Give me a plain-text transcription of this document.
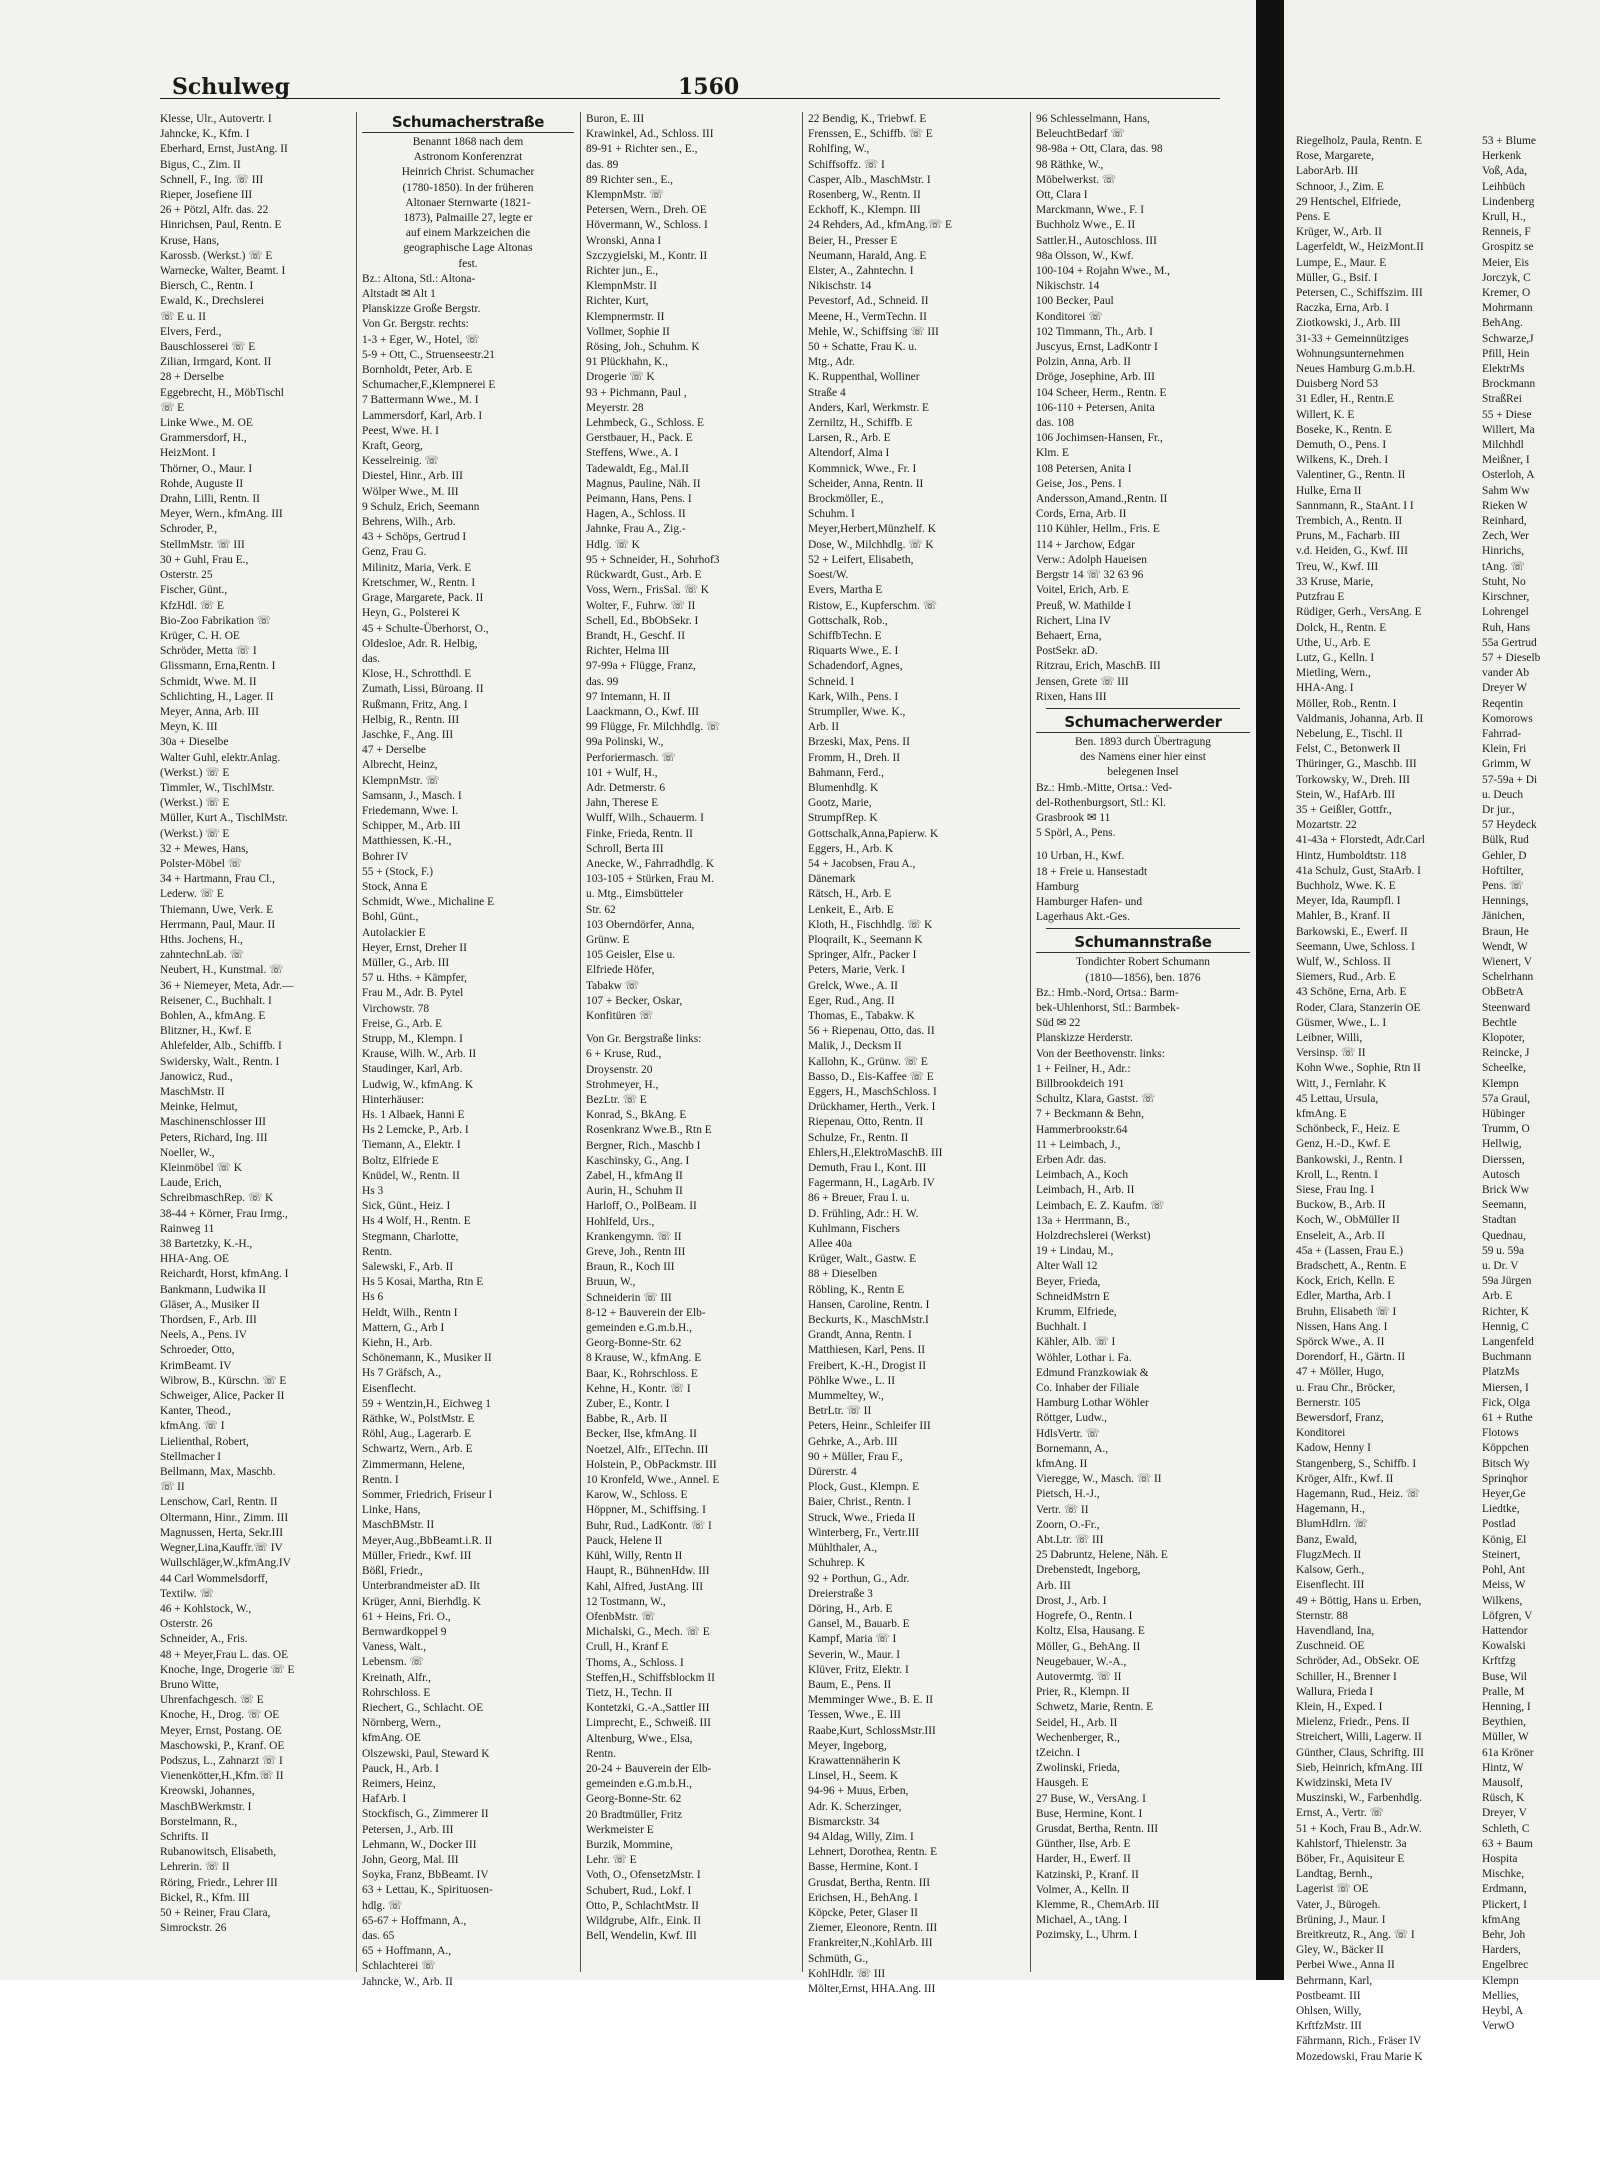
Schulweg	1560
Klesse, Ulr., Autovertr. I
Jahncke, K., Kfm. I
Eberhard, Ernst, JustAng. II
Bigus, C., Zim. II
Schnell, F., Ing. ☏ III
Rieper, Josefiene III
26 + Pötzl, Alfr. das. 22
Hinrichsen, Paul, Rentn. E
Kruse, Hans,
Karossb. (Werkst.) ☏ E
Warnecke, Walter, Beamt. I
Biersch, C., Rentn. I
Ewald, K., Drechslerei
☏ E u. II
Elvers, Ferd.,
Bauschlosserei ☏ E
Zilian, Irmgard, Kont. II
28 + Derselbe
Eggebrecht, H., MöbTischl
☏ E
Linke Wwe., M. OE
Grammersdorf, H.,
HeizMont. I
Thörner, O., Maur. I
Rohde, Auguste II
Drahn, Lilli, Rentn. II
Meyer, Wern., kfmAng. III
Schroder, P.,
StellmMstr. ☏ III
30 + Guhl, Frau E.,
Osterstr. 25
Fischer, Günt.,
KfzHdl. ☏ E
Bio-Zoo Fabrikation ☏
Krüger, C. H. OE
Schröder, Metta ☏ I
Glissmann, Erna,Rentn. I
Schmidt, Wwe. M. II
Schlichting, H., Lager. II
Meyer, Anna, Arb. III
Meyn, K. III
30a + Dieselbe
Walter Guhl, elektr.Anlag.
(Werkst.) ☏ E
Timmler, W., TischlMstr.
(Werkst.) ☏ E
Müller, Kurt A., TischlMstr.
(Werkst.) ☏ E
32 + Mewes, Hans,
Polster-Möbel ☏
34 + Hartmann, Frau Cl.,
Lederw. ☏ E
Thiemann, Uwe, Verk. E
Herrmann, Paul, Maur. II
Hths. Jochens, H.,
zahntechnLab. ☏
Neubert, H., Kunstmal. ☏
36 + Niemeyer, Meta, Adr.—
Reisener, C., Buchhalt. I
Bohlen, A., kfmAng. E
Blitzner, H., Kwf. E
Ahlefelder, Alb., Schiffb. I
Swidersky, Walt., Rentn. I
Janowicz, Rud.,
MaschMstr. II
Meinke, Helmut,
Maschinenschlosser III
Peters, Richard, Ing. III
Noeller, W.,
Kleinmöbel ☏ K
Laude, Erich,
SchreibmaschRep. ☏ K
38-44 + Körner, Frau Irmg.,
Rainweg 11
38 Bartetzky, K.-H.,
HHA-Ang. OE
Reichardt, Horst, kfmAng. I
Bankmann, Ludwika II
Gläser, A., Musiker II
Thordsen, F., Arb. III
Neels, A., Pens. IV
Schroeder, Otto,
KrimBeamt. IV
Wibrow, B., Kürschn. ☏ E
Schweiger, Alice, Packer II
Kanter, Theod.,
kfmAng. ☏ I
Lielienthal, Robert,
Stellmacher I
Bellmann, Max, Maschb.
☏ II
Lenschow, Carl, Rentn. II
Oltermann, Hinr., Zimm. III
Magnussen, Herta, Sekr.III
Wegner,Lina,Kauffr.☏ IV
Wullschläger,W.,kfmAng.IV
44 Carl Wommelsdorff,
Textilw. ☏
46 + Kohlstock, W.,
Osterstr. 26
Schneider, A., Fris.
48 + Meyer,Frau L. das. OE
Knoche, Inge, Drogerie ☏ E
Bruno Witte,
Uhrenfachgesch. ☏ E
Knoche, H., Drog. ☏ OE
Meyer, Ernst, Postang. OE
Maschowski, P., Kranf. OE
Podszus, L., Zahnarzt ☏ I
Vienenkötter,H.,Kfm.☏ II
Kreowski, Johannes,
MaschBWerkmstr. I
Borstelmann, R.,
Schrifts. II
Rubanowitsch, Elisabeth,
Lehrerin. ☏ II
Röring, Friedr., Lehrer III
Bickel, R., Kfm. III
50 + Reiner, Frau Clara,
Simrockstr. 26
Schumacherstraße
Benannt 1868 nach dem
Astronom Konferenzrat
Heinrich Christ. Schumacher
(1780-1850). In der früheren
Altonaer Sternwarte (1821-
1873), Palmaille 27, legte er
auf einem Markzeichen die
geographische Lage Altonas
fest.
Bz.: Altona, Stl.: Altona-
Altstadt ✉ Alt 1
Planskizze Große Bergstr.
Von Gr. Bergstr. rechts:
1-3 + Eger, W., Hotel, ☏
5-9 + Ott, C., Struenseestr.21
Bornholdt, Peter, Arb. E
Schumacher,F.,Klempnerei E
7 Battermann Wwe., M. I
Lammersdorf, Karl, Arb. I
Peest, Wwe. H. I
Kraft, Georg,
Kesselreinig. ☏
Diestel, Hinr., Arb. III
Wölper Wwe., M. III
9 Schulz, Erich, Seemann
Behrens, Wilh., Arb.
43 + Schöps, Gertrud I
Genz, Frau G.
Milinitz, Maria, Verk. E
Kretschmer, W., Rentn. I
Grage, Margarete, Pack. II
Heyn, G., Polsterei K
45 + Schulte-Überhorst, O.,
Oldesloe, Adr. R. Helbig,
das.
Klose, H., Schrotthdl. E
Zumath, Lissi, Büroang. II
Rußmann, Fritz, Ang. I
Helbig, R., Rentn. III
Jaschke, F., Ang. III
47 + Derselbe
Albrecht, Heinz,
KlempnMstr. ☏
Samsann, J., Masch. I
Friedemann, Wwe. I.
Schipper, M., Arb. III
Matthiessen, K.-H.,
Bohrer IV
55 + (Stock, F.)
Stock, Anna E
Schmidt, Wwe., Michaline E
Bohl, Günt.,
Autolackier E
Heyer, Ernst, Dreher II
Müller, G., Arb. III
57 u. Hths. + Kämpfer,
Frau M., Adr. B. Pytel
Virchowstr. 78
Freise, G., Arb. E
Strupp, M., Klempn. I
Krause, Wilh. W., Arb. II
Staudinger, Karl, Arb.
Ludwig, W., kfmAng. K
Hinterhäuser:
Hs. 1 Albaek, Hanni E
Hs 2 Lemcke, P., Arb. I
Tiemann, A., Elektr. I
Boltz, Elfriede E
Knüdel, W., Rentn. II
Hs 3
Sick, Günt., Heiz. I
Hs 4 Wolf, H., Rentn. E
Stegmann, Charlotte,
Rentn.
Salewski, F., Arb. II
Hs 5 Kosai, Martha, Rtn E
Hs 6
Heldt, Wilh., Rentn I
Mattern, G., Arb I
Kiehn, H., Arb.
Schönemann, K., Musiker II
Hs 7 Gräfsch, A.,
Eisenflecht.
59 + Wentzin,H., Eichweg 1
Räthke, W., PolstMstr. E
Röhl, Aug., Lagerarb. E
Schwartz, Wern., Arb. E
Zimmermann, Helene,
Rentn. I
Sommer, Friedrich, Friseur I
Linke, Hans,
MaschBMstr. II
Meyer,Aug.,BbBeamt.i.R. II
Müller, Friedr., Kwf. III
Bößl, Friedr.,
Unterbrandmeister aD. IIt
Krüger, Anni, Bierhdlg. K
61 + Heins, Fri. O.,
Bernwardkoppel 9
Vaness, Walt.,
Lebensm. ☏
Kreinath, Alfr.,
Rohrschloss. E
Riechert, G., Schlacht. OE
Nörnberg, Wern.,
kfmAng. OE
Olszewski, Paul, Steward K
Pauck, H., Arb. I
Reimers, Heinz,
HafArb. I
Stockfisch, G., Zimmerer II
Petersen, J., Arb. III
Lehmann, W., Docker III
John, Georg, Mal. III
Soyka, Franz, BbBeamt. IV
63 + Lettau, K., Spirituosen-
hdlg. ☏
65-67 + Hoffmann, A.,
das. 65
65 + Hoffmann, A.,
Schlachterei ☏
Jahncke, W., Arb. II
Buron, E. III
Krawinkel, Ad., Schloss. III
89-91 + Richter sen., E.,
das. 89
89 Richter sen., E.,
KlempnMstr. ☏
Petersen, Wern., Dreh. OE
Hövermann, W., Schloss. I
Wronski, Anna I
Szczygielski, M., Kontr. II
Richter jun., E.,
KlempnMstr. II
Richter, Kurt,
Klempnermstr. II
Vollmer, Sophie II
Rösing, Joh., Schuhm. K
91 Plückhahn, K.,
Drogerie ☏ K
93 + Pichmann, Paul ,
Meyerstr. 28
Lehmbeck, G., Schloss. E
Gerstbauer, H., Pack. E
Steffens, Wwe., A. I
Tadewaldt, Eg., Mal.II
Magnus, Pauline, Näh. II
Peimann, Hans, Pens. I
Hagen, A., Schloss. II
Jahnke, Frau A., Zig.-
Hdlg. ☏ K
95 + Schneider, H., Sohrhof3
Rückwardt, Gust., Arb. E
Voss, Wern., FrisSal. ☏ K
Wolter, F., Fuhrw. ☏ II
Schell, Ed., BbObSekr. I
Brandt, H., Geschf. II
Richter, Helma III
97-99a + Flügge, Franz,
das. 99
97 Intemann, H. II
Laackmann, O., Kwf. III
99 Flügge, Fr. Milchhdlg. ☏
99a Polinski, W.,
Perforiermasch. ☏
101 + Wulf, H.,
Adr. Detmerstr. 6
Jahn, Therese E
Wulff, Wilh., Schauerm. I
Finke, Frieda, Rentn. II
Schroll, Berta III
Anecke, W., Fahrradhdlg. K
103-105 + Stürken, Frau M.
u. Mtg., Eimsbütteler
Str. 62
103 Oberndörfer, Anna,
Grünw. E
105 Geisler, Else u.
Elfriede Höfer,
Tabakw ☏
107 + Becker, Oskar,
Konfitüren ☏
Von Gr. Bergstraße links:
6 + Kruse, Rud.,
Droysenstr. 20
Strohmeyer, H.,
BezLtr. ☏ E
Konrad, S., BkAng. E
Rosenkranz Wwe.B., Rtn E
Bergner, Rich., Maschb I
Kaschinsky, G., Ang. I
Zabel, H., kfmAng II
Aurin, H., Schuhm II
Harloff, O., PolBeam. II
Hohlfeld, Urs.,
Krankengymn. ☏ II
Greve, Joh., Rentn III
Braun, R., Koch III
Bruun, W.,
Schneiderin ☏ III
8-12 + Bauverein der Elb-
gemeinden e.G.m.b.H.,
Georg-Bonne-Str. 62
8 Krause, W., kfmAng. E
Baar, K., Rohrschloss. E
Kehne, H., Kontr. ☏ I
Zuber, E., Kontr. I
Babbe, R., Arb. II
Becker, Ilse, kfmAng. II
Noetzel, Alfr., ElTechn. III
Holstein, P., ObPackmstr. III
10 Kronfeld, Wwe., Annel. E
Karow, W., Schloss. E
Höppner, M., Schiffsing. I
Buhr, Rud., LadKontr. ☏ I
Pauck, Helene II
Kühl, Willy, Rentn II
Haupt, R., BühnenHdw. III
Kahl, Alfred, JustAng. III
12 Tostmann, W.,
OfenbMstr. ☏
Michalski, G., Mech. ☏ E
Crull, H., Kranf E
Thoms, A., Schloss. I
Steffen,H., Schiffsblockm II
Tietz, H., Techn. II
Kontetzki, G.-A.,Sattler III
Limprecht, E., Schweiß. III
Altenburg, Wwe., Elsa,
Rentn.
20-24 + Bauverein der Elb-
gemeinden e.G.m.b.H.,
Georg-Bonne-Str. 62
20 Bradtmüller, Fritz
Werkmeister E
Burzik, Mommine,
Lehr. ☏ E
Voth, O., OfensetzMstr. I
Schubert, Rud., Lokf. I
Otto, P., SchlachtMstr. II
Wildgrube, Alfr., Eink. II
Bell, Wendelin, Kwf. III
22 Bendig, K., Triebwf. E
Frenssen, E., Schiffb. ☏ E
Rohlfing, W.,
Schiffsoffz. ☏ I
Casper, Alb., MaschMstr. I
Rosenberg, W., Rentn. II
Eckhoff, K., Klempn. III
24 Rehders, Ad., kfmAng.☏ E
Beier, H., Presser E
Neumann, Harald, Ang. E
Elster, A., Zahntechn. I
Nikischstr. 14
Pevestorf, Ad., Schneid. II
Meene, H., VermTechn. II
Mehle, W., Schiffsing ☏ III
50 + Schatte, Frau K. u.
Mtg., Adr.
K. Ruppenthal, Wolliner
Straße 4
Anders, Karl, Werkmstr. E
Zerniltz, H., Schiffb. E
Larsen, R., Arb. E
Altendorf, Alma I
Kommnick, Wwe., Fr. I
Scheider, Anna, Rentn. II
Brockmöller, E.,
Schuhm. I
Meyer,Herbert,Münzhelf. K
Dose, W., Milchhdlg. ☏ K
52 + Leifert, Elisabeth,
Soest/W.
Evers, Martha E
Ristow, E., Kupferschm. ☏
Gottschalk, Rob.,
SchiffbTechn. E
Riquarts Wwe., E. I
Schadendorf, Agnes,
Schneid. I
Kark, Wilh., Pens. I
Strumpller, Wwe. K.,
Arb. II
Brzeski, Max, Pens. II
Fromm, H., Dreh. II
Bahmann, Ferd.,
Blumenhdlg. K
Gootz, Marie,
StrumpfRep. K
Gottschalk,Anna,Papierw. K
Eggers, H., Arb. K
54 + Jacobsen, Frau A.,
Dänemark
Rätsch, H., Arb. E
Lenkeit, E., Arb. E
Kloth, H., Fischhdlg. ☏ K
Ploqrailt, K., Seemann K
Springer, Alfr., Packer I
Peters, Marie, Verk. I
Grelck, Wwe., A. II
Eger, Rud., Ang. II
Thomas, E., Tabakw. K
56 + Riepenau, Otto, das. II
Malik, J., Decksm II
Kallohn, K., Grünw. ☏ E
Basso, D., Eis-Kaffee ☏ E
Eggers, H., MaschSchloss. I
Drückhamer, Herth., Verk. I
Riepenau, Otto, Rentn. II
Schulze, Fr., Rentn. II
Ehlers,H.,ElektroMaschB. III
Demuth, Frau I., Kont. III
Fagermann, H., LagArb. IV
86 + Breuer, Frau I. u.
D. Frühling, Adr.: H. W.
Kuhlmann, Fischers
Allee 40a
Krüger, Walt., Gastw. E
88 + Dieselben
Röbling, K., Rentn E
Hansen, Caroline, Rentn. I
Beckurts, K., MaschMstr.I
Grandt, Anna, Rentn. I
Matthiesen, Karl, Pens. II
Freibert, K.-H., Drogist II
Pöhlke Wwe., L. II
Mummeltey, W.,
BetrLtr. ☏ II
Peters, Heinr., Schleifer III
Gehrke, A., Arb. III
90 + Müller, Frau F.,
Dürerstr. 4
Plock, Gust., Klempn. E
Baier, Christ., Rentn. I
Struck, Wwe., Frieda II
Winterberg, Fr., Vertr.III
Mühlthaler, A.,
Schuhrep. K
92 + Porthun, G., Adr.
Dreierstraße 3
Döring, H., Arb. E
Gansel, M., Bauarb. E
Kampf, Maria ☏ I
Severin, W., Maur. I
Klüver, Fritz, Elektr. I
Baum, E., Pens. II
Memminger Wwe., B. E. II
Tessen, Wwe., E. III
Raabe,Kurt, SchlossMstr.III
Meyer, Ingeborg,
Krawattennäherin K
Linsel, H., Seem. K
94-96 + Muus, Erben,
Adr. K. Scherzinger,
Bismarckstr. 34
94 Aldag, Willy, Zim. I
Lehnert, Dorothea, Rentn. E
Basse, Hermine, Kont. I
Grusdat, Bertha, Rentn. III
Erichsen, H., BehAng. I
Köpcke, Peter, Glaser II
Ziemer, Eleonore, Rentn. III
Frankreiter,N.,KohlArb. III
Schmüth, G.,
KohlHdlr. ☏ III
Mölter,Ernst, HHA.Ang. III
96 Schlesselmann, Hans,
BeleuchtBedarf ☏
98-98a + Ott, Clara, das. 98
98 Räthke, W.,
Möbelwerkst. ☏
Ott, Clara I
Marckmann, Wwe., F. I
Buchholz Wwe., E. II
Sattler.H., Autoschloss. III
98a Olsson, W., Kwf.
100-104 + Rojahn Wwe., M.,
Nikischstr. 14
100 Becker, Paul
Konditorei ☏
102 Timmann, Th., Arb. I
Juscyus, Ernst, LadKontr I
Polzin, Anna, Arb. II
Dröge, Josephine, Arb. III
104 Scheer, Herm., Rentn. E
106-110 + Petersen, Anita
das. 108
106 Jochimsen-Hansen, Fr.,
Klm. E
108 Petersen, Anita I
Geise, Jos., Pens. I
Andersson,Amand.,Rentn. II
Cords, Erna, Arb. II
110 Kühler, Hellm., Fris. E
114 + Jarchow, Edgar
Verw.: Adolph Haueisen
Bergstr 14 ☏ 32 63 96
Voitel, Erich, Arb. E
Preuß, W. Mathilde I
Richert, Lina IV
Behaert, Erna,
PostSekr. aD.
Ritzrau, Erich, MaschB. III
Jensen, Grete ☏ III
Rixen, Hans III
Schumacherwerder
Ben. 1893 durch Übertragung
des Namens einer hier einst
belegenen Insel
Bz.: Hmb.-Mitte, Ortsa.: Ved-
del-Rothenburgsort, Stl.: Kl.
Grasbrook ✉ 11
5 Spörl, A., Pens.
10 Urban, H., Kwf.
18 + Freie u. Hansestadt
Hamburg
Hamburger Hafen- und
Lagerhaus Akt.-Ges.
Schumannstraße
Tondichter Robert Schumann
(1810—1856), ben. 1876
Bz.: Hmb.-Nord, Ortsa.: Barm-
bek-Uhlenhorst, Stl.: Barmbek-
Süd ✉ 22
Planskizze Herderstr.
Von der Beethovenstr. links:
1 + Feilner, H., Adr.:
Billbrookdeich 191
Schultz, Klara, Gastst. ☏
7 + Beckmann & Behn,
Hammerbrookstr.64
11 + Leimbach, J.,
Erben Adr. das.
Leimbach, A., Koch
Leimbach, H., Arb. II
Leimbach, E. Z. Kaufm. ☏
13a + Herrmann, B.,
Holzdrechslerei (Werkst)
19 + Lindau, M.,
Alter Wall 12
Beyer, Frieda,
SchneidMstrn E
Krumm, Elfriede,
Buchhalt. I
Kähler, Alb. ☏ I
Wöhler, Lothar i. Fa.
Edmund Franzkowiak &
Co. Inhaber der Filiale
Hamburg Lothar Wöhler
Röttger, Ludw.,
HdlsVertr. ☏
Bornemann, A.,
kfmAng. II
Vieregge, W., Masch. ☏ II
Pietsch, H.-J.,
Vertr. ☏ II
Zoorn, O.-Fr.,
Abt.Ltr. ☏ III
25 Dabruntz, Helene, Näh. E
Drebenstedt, Ingeborg,
Arb. III
Drost, J., Arb. I
Hogrefe, O., Rentn. I
Koltz, Elsa, Hausang. E
Möller, G., BehAng. II
Neugebauer, W.-A.,
Autovermtg. ☏ II
Prier, R., Klempn. II
Schwetz, Marie, Rentn. E
Seidel, H., Arb. II
Wechenberger, R.,
tZeichn. I
Zwolinski, Frieda,
Hausgeh. E
27 Buse, W., VersAng. I
Buse, Hermine, Kont. I
Grusdat, Bertha, Rentn. III
Günther, Ilse, Arb. E
Harder, H., Ewerf. II
Katzinski, P., Kranf. II
Volmer, A., Kelln. II
Klemme, R., ChemArb. III
Michael, A., tAng. I
Pozimsky, L., Uhrm. I
Riegelholz, Paula, Rentn. E
Rose, Margarete,
LaborArb. III
Schnoor, J., Zim. E
29 Hentschel, Elfriede,
Pens. E
Krüger, W., Arb. II
Lagerfeldt, W., HeizMont.II
Lumpe, E., Maur. E
Müller, G., Bsif. I
Petersen, C., Schiffszim. III
Raczka, Erna, Arb. I
Ziotkowski, J., Arb. III
31-33 + Gemeinnütziges
Wohnungsunternehmen
Neues Hamburg G.m.b.H.
Duisberg Nord 53
31 Edler, H., Rentn.E
Willert, K. E
Boseke, K., Rentn. E
Demuth, O., Pens. I
Wilkens, K., Dreh. I
Valentiner, G., Rentn. II
Hulke, Erna II
Sannmann, R., StaAnt. I I
Trembich, A., Rentn. II
Pruns, M., Facharb. III
v.d. Heiden, G., Kwf. III
Treu, W., Kwf. III
33 Kruse, Marie,
Putzfrau E
Rüdiger, Gerh., VersAng. E
Dolck, H., Rentn. E
Uthe, U., Arb. E
Lutz, G., Kelln. I
Mietling, Wern.,
HHA-Ang. I
Möller, Rob., Rentn. I
Valdmanis, Johanna, Arb. II
Nebelung, E., Tischl. II
Felst, C., Betonwerk II
Thüringer, G., Maschb. III
Torkowsky, W., Dreh. III
Stein, W., HafArb. III
35 + Geißler, Gottfr.,
Mozartstr. 22
41-43a + Florstedt, Adr.Carl
Hintz, Humboldtstr. 118
41a Schulz, Gust, StaArb. I
Buchholz, Wwe. K. E
Meyer, Ida, Raumpfl. I
Mahler, B., Kranf. II
Barkowski, E., Ewerf. II
Seemann, Uwe, Schloss. I
Wulf, W., Schloss. II
Siemers, Rud., Arb. E
43 Schöne, Erna, Arb. E
Roder, Clara, Stanzerin OE
Güsmer, Wwe., L. I
Leibner, Willi,
Versinsp. ☏ II
Kohn Wwe., Sophie, Rtn II
Witt, J., Fernlahr. K
45 Lettau, Ursula,
kfmAng. E
Schönbeck, F., Heiz. E
Genz, H.-D., Kwf. E
Bankowski, J., Rentn. I
Kroll, L., Rentn. I
Siese, Frau Ing. I
Buckow, B., Arb. II
Koch, W., ObMüller II
Enseleit, A., Arb. II
45a + (Lassen, Frau E.)
Bradschett, A., Rentn. E
Kock, Erich, Kelln. E
Edler, Martha, Arb. I
Bruhn, Elisabeth ☏ I
Nissen, Hans Ang. I
Spörck Wwe., A. II
Dorendorf, H., Gärtn. II
47 + Möller, Hugo,
u. Frau Chr., Bröcker,
Bernerstr. 105
Bewersdorf, Franz,
Konditorei
Kadow, Henny I
Stangenberg, S., Schiffb. I
Kröger, Alfr., Kwf. II
Hagemann, Rud., Heiz. ☏
Hagemann, H.,
BlumHdlrn. ☏
Banz, Ewald,
FlugzMech. II
Kalsow, Gerh.,
Eisenflecht. III
49 + Böttig, Hans u. Erben,
Sternstr. 88
Havendland, Ina,
Zuschneid. OE
Schröder, Ad., ObSekr. OE
Schiller, H., Brenner I
Wallura, Frieda I
Klein, H., Exped. I
Mielenz, Friedr., Pens. II
Streichert, Willi, Lagerw. II
Günther, Claus, Schriftg. III
Sieb, Heinrich, kfmAng. III
Kwidzinski, Meta IV
Muszinski, W., Farbenhdlg.
Ernst, A., Vertr. ☏
51 + Koch, Frau B., Adr.W.
Kahlstorf, Thielenstr. 3a
Böber, Fr., Aquisiteur E
Landtag, Bernh.,
Lagerist ☏ OE
Vater, J., Bürogeh.
Brüning, J., Maur. I
Breitkreutz, R., Ang. ☏ I
Gley, W., Bäcker II
Perbei Wwe., Anna II
Behrmann, Karl,
Postbeamt. III
Ohlsen, Willy,
KrftfzMstr. III
Fährmann, Rich., Fräser IV
Mozedowski, Frau Marie K
53 + Blume
Herkenk
Voß, Ada,
Leihbüch
Lindenberg
Krull, H.,
Renneis, F
Grospitz se
Meier, Eis
Jorczyk, C
Kremer, O
Mohrmann
BehAng.
Schwarze,J
Pfill, Hein
ElektrMs
Brockmann
StraßRei
55 + Diese
Willert, Ma
Milchhdl
Meißner, I
Osterloh, A
Sahm Ww
Rieken W
Reinhard,
Zech, Wer
Hinrichs,
tAng. ☏
Stuht, No
Kirschner,
Lohrengel
Ruh, Hans
55a Gertrud
57 + Dieselb
vander Ab
Dreyer W
Reqentin
Komorows
Fahrrad-
Klein, Fri
Grimm, W
57-59a + Di
u. Deuch
Dr jur.,
57 Heydeck
Bülk, Rud
Gehler, D
Hoftilter,
Pens. ☏
Hennings,
Jänichen,
Braun, He
Wendt, W
Wienert, V
Schelrhann
ObBetrA
Steenward
Bechtle
Klopoter,
Reincke, J
Scheelke,
Klempn
57a Graul,
Hübinger
Trumm, O
Hellwig,
Dierssen,
Autosch
Brick Ww
Seemann,
Stadtan
Quednau,
59 u. 59a
u. Dr. V
59a Jürgen
Arb. E
Richter, K
Hennig, C
Langenfeld
Buchmann
PlatzMs
Miersen, I
Fick, Olga
61 + Ruthe
Flotows
Köppchen
Bitsch Wy
Sprinqhor
Heyer,Ge
Liedtke,
Postlad
König, El
Steinert,
Pohl, Ant
Meiss, W
Wilkens,
Löfgren, V
Hattendor
Kowalski
Krftfzg
Buse, Wil
Pralle, M
Henning, I
Beythien,
Müller, W
61a Kröner
Hintz, W
Mausolf,
Rüsch, K
Dreyer, V
Schleth, C
63 + Baum
Hospita
Mischke,
Erdmann,
Plickert, I
kfmAng
Behr, Joh
Harders,
Engelbrec
Klempn
Mellies,
Heybl, A
VerwO
